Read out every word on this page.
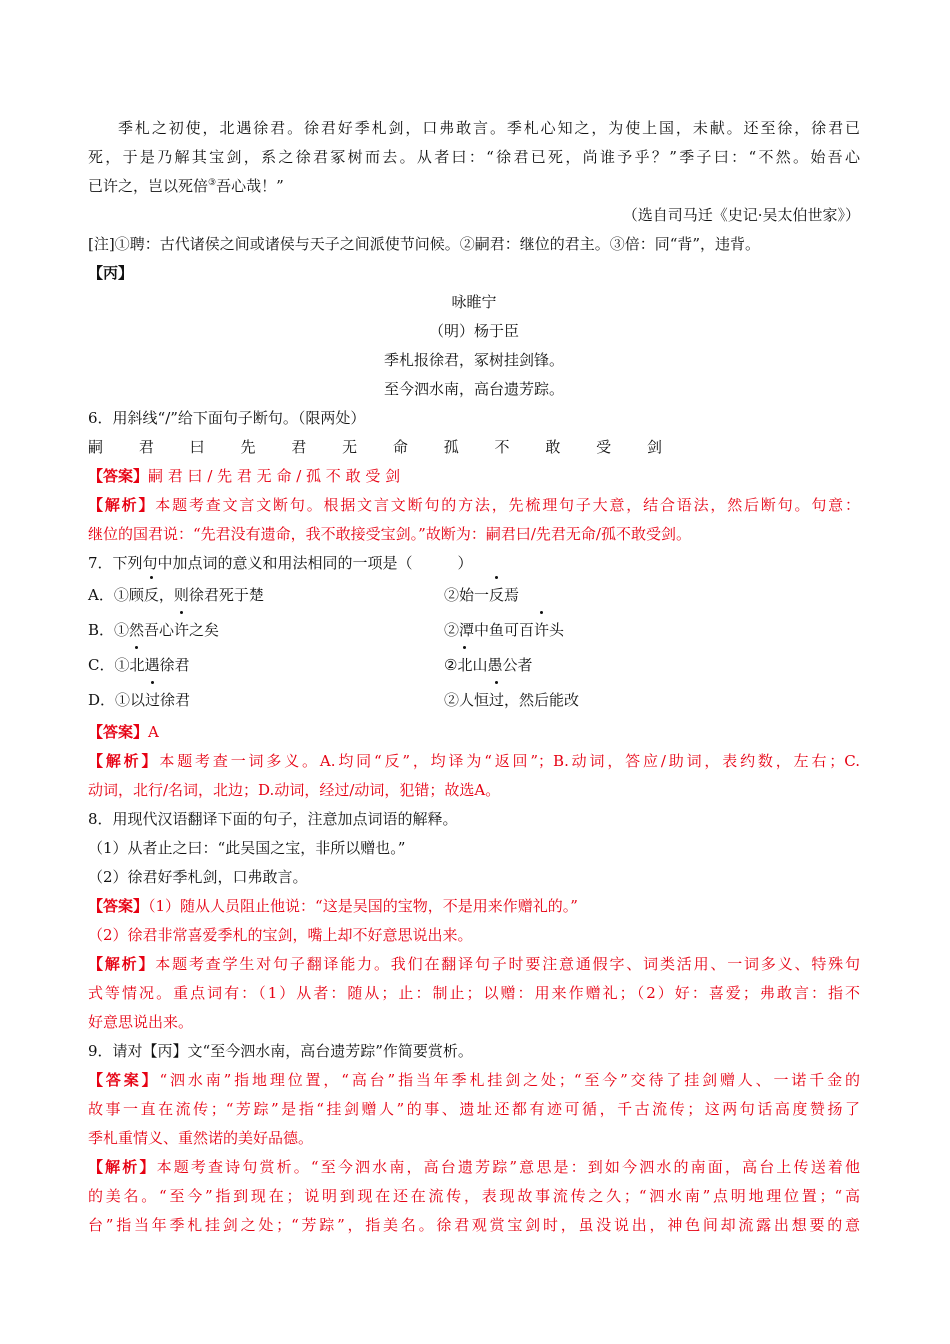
季札之初使，北遇徐君。徐君好季札剑，口弗敢言。季札心知之，为使上国，未献。还至徐，徐君已

死，于是乃解其宝剑，系之徐君冢树而去。从者曰：“徐君已死，尚谁予乎？”季子曰：“不然。始吾心

已许之，岂以死倍③吾心哉！”

（选自司马迁《史记·吴太伯世家》）

[注]①聘：古代诸侯之间或诸侯与天子之间派使节问候。②嗣君：继位的君主。③倍：同“背”，违背。

【丙】

咏睢宁

（明）杨于臣

季札报徐君，冢树挂剑锋。

至今泗水南，高台遗芳踪。

6．用斜线“/”给下面句子断句。（限两处）

嗣 君 曰 先 君 无 命 孤 不 敢 受 剑

【答案】嗣 君 曰 / 先 君 无 命 / 孤 不 敢 受 剑

【解析】本题考查文言文断句。根据文言文断句的方法，先梳理句子大意，结合语法，然后断句。句意：

继位的国君说：“先君没有遗命，我不敢接受宝剑。”故断为：嗣君曰/先君无命/孤不敢受剑。

7．下列句中加点词的意义和用法相同的一项是（　　　）

A．①顾反，则徐君死于楚	②始一反焉

B．①然吾心许之矣	②潭中鱼可百许头

C．①北遇徐君	②北山愚公者

D．①以过徐君	②人恒过，然后能改

【答案】A

【解析】本题考查一词多义。A.均同“反”，均译为“返回”；B.动词，答应/助词，表约数，左右；C.

动词，北行/名词，北边；D.动词，经过/动词，犯错；故选A。

8．用现代汉语翻译下面的句子，注意加点词语的解释。

（1）从者止之曰：“此吴国之宝，非所以赠也。”

（2）徐君好季札剑，口弗敢言。

【答案】（1）随从人员阻止他说：“这是吴国的宝物，不是用来作赠礼的。”

（2）徐君非常喜爱季札的宝剑，嘴上却不好意思说出来。

【解析】本题考查学生对句子翻译能力。我们在翻译句子时要注意通假字、词类活用、一词多义、特殊句

式等情况。重点词有：（1）从者：随从；止：制止；以赠：用来作赠礼；（2）好：喜爱；弗敢言：指不

好意思说出来。

9．请对【丙】文“至今泗水南，高台遗芳踪”作简要赏析。

【答案】“泗水南”指地理位置，“高台”指当年季札挂剑之处；“至今”交待了挂剑赠人、一诺千金的

故事一直在流传；“芳踪”是指“挂剑赠人”的事、遗址还都有迹可循，千古流传；这两句话高度赞扬了

季札重情义、重然诺的美好品德。

【解析】本题考查诗句赏析。“至今泗水南，高台遗芳踪”意思是：到如今泗水的南面，高台上传送着他

的美名。“至今”指到现在；说明到现在还在流传，表现故事流传之久；“泗水南”点明地理位置；“高

台”指当年季札挂剑之处；“芳踪”，指美名。徐君观赏宝剑时，虽没说出，神色间却流露出想要的意
